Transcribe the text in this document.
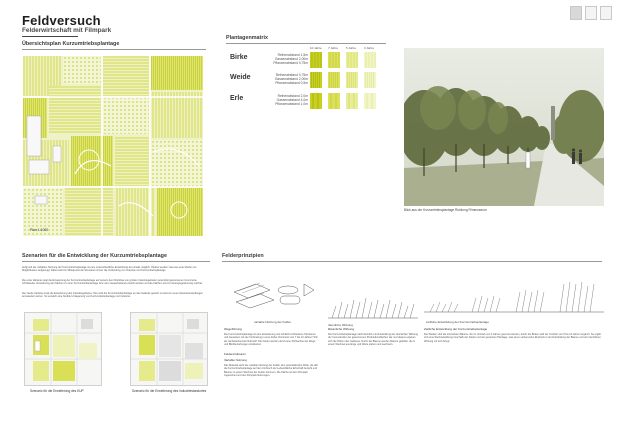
Feldversuch
Felderwirtschaft mit Filmpark
Übersichtsplan Kurzumtriebsplantage
Plantagenmatrix
Szenarien für die Entwicklung der Kurzumtriebsplantage	Felderprinzipien
Plan 1:1000
10 Jahre 7 Jahre	5 Jahre	3 Jahre
Birke	Reihenabstand 1,5m
Gassenabstand 2,00m
Pflanzenabstand 0,75m
Weide	Reihenabstand 0,75m
Gassenabstand 2,00m
Pflanzenabstand 0,5m
Erle	Reihenabstand 2,0m
Gassenabstand 4,0m
Pflanzenabstand 1,0m
Blick aus der Kurzumtriebsplantage Richtung Filmmuseum
Aufgrund der variablen Nutzung der Kurzumtriebsplantage ist eine unterschiedliche Entwicklung des Areals möglich. Hierbei werden zwei aus einer Reihe von Möglichkeiten aufgezeigt. Dabei steht im Mittelpunkt die Szenarien immer die Verbindung von Industrie und Kurzumtriebsplantage.
Die erste Variante zeigt die Erweiterung der Kurzumtriebsplantage auf seinem dem Rückbau von großen Industriegebieten potenziell gewonnenen Grund eine schrittweise Umwidmung der Flächen zu einer Kurzumtriebsplantage bzw. dem Gewerbeband erreicht werden und die Flächen sind zur Energiegewinnung nutzbar.
Die zweite Variante zeigt die Erweiterung des Industriegebietes. Hier wird die Kurzumtriebsplantage an das Gelände gesetzt so ebenso neue Industrieansiedlungen anzusiedeln sehen. So entsteht eine flexible Umlagerung von Kurzumtriebsplantage und Industrie.
Szenario für die Erweiterung des KUP	Szenario für die Erweiterung des Industriestandortes
variable Nutzung der Felder
räumliche Wirkung
zeitliche Entwicklung der Kurzumtriebsplantage
Wegeführung
Die Kurzumtriebsplantage ist eine Erweiterung und schließt vorhandene Strukturen und Gewerken mit der Verbindung in eine bisher Dominanz von 7 bis 10 Jahren Holz als nachwachsender Rohstoff. Die Felder werden durch eine Sichtachse der Wege und Blickbeziehungen strukturiert.
Felderstrukturen
Variable Nutzung
Das Material steht der variable Nutzung der Felder eine potentialreiche Rolle, da sich die Kurzumtriebsplantage auf den Umbruch der Lebensfläche Erbschaft bezieht und Bäume zu einem Wechsel der Felder kommen. Die Fläche ist dem Filmpark zugeordnet und den Filmpark-Nutzungen.
Räumliche Wirkung
Die Kurzumtriebsplantage stellt räumlich ein Entwicklung der räumlichen Wirkung der Innenstruktur der gewonnenen Produktionsflächen dar und daraus ergeben sich die Höhen des Gebietes. Durch die Bäume werden Räume gebildet, die in einem Wechsel aus Enge und Weite stehen und wechseln.
Zeitliche Entwicklung der Kurzumtriebsplantage
Die Weiden sind die schnellsten Bäume, die im Umtrieb von 3 Jahren geerntet werden, durch die Birken wird der Umtrieb von 5 bis 10 Jahren ergänzt. So ergibt sich eine Wechselwirkung innerhalb der Felder und der gesamten Plantage, was einen variierenden Eindruck in der Entwicklung der Bäume und der räumlichen Wirkung mit sich bringt.
